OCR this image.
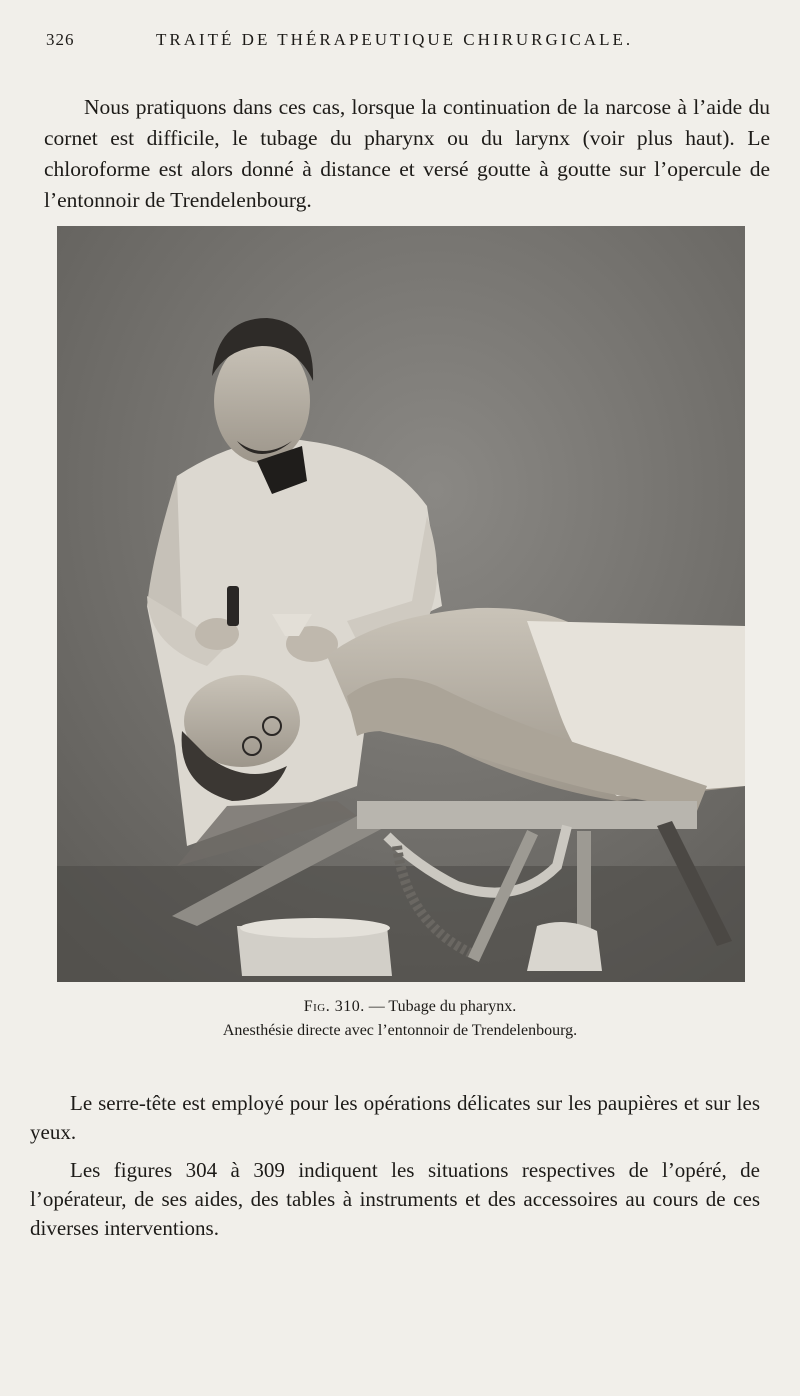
326	TRAITÉ DE THÉRAPEUTIQUE CHIRURGICALE.

Nous pratiquons dans ces cas, lorsque la continuation de la narcose à l’aide du cornet est difficile, le tubage du pharynx ou du larynx (voir plus haut). Le chloroforme est alors donné à distance et versé goutte à goutte sur l’opercule de l’entonnoir de Trendelenbourg.

Fig. 310. — Tubage du pharynx.
Anesthésie directe avec l’entonnoir de Trendelenbourg.

Le serre-tête est employé pour les opérations délicates sur les paupières et sur les yeux.

Les figures 304 à 309 indiquent les situations respectives de l’opéré, de l’opérateur, de ses aides, des tables à instruments et des accessoires au cours de ces diverses interventions.
